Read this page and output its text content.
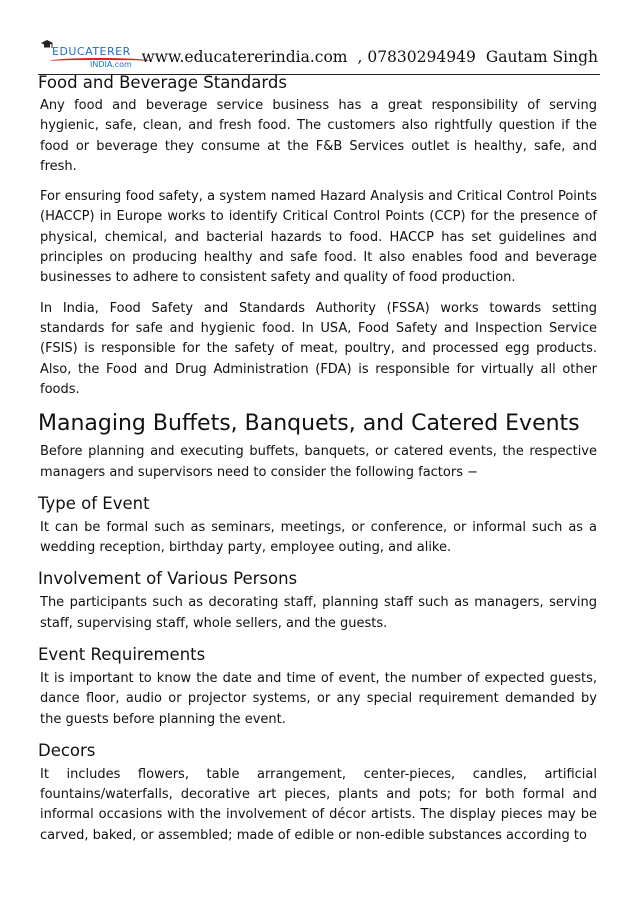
EDUCATERER
INDIA.com www.educatererindia.com , 07830294949 Gautam Singh
Food and Beverage Standards

Any food and beverage service business has a great responsibility of serving hygienic, safe, clean, and fresh food. The customers also rightfully question if the food or beverage they consume at the F&B Services outlet is healthy, safe, and fresh.

For ensuring food safety, a system named Hazard Analysis and Critical Control Points (HACCP) in Europe works to identify Critical Control Points (CCP) for the presence of physical, chemical, and bacterial hazards to food. HACCP has set guidelines and principles on producing healthy and safe food. It also enables food and beverage businesses to adhere to consistent safety and quality of food production.

In India, Food Safety and Standards Authority (FSSA) works towards setting standards for safe and hygienic food. In USA, Food Safety and Inspection Service (FSIS) is responsible for the safety of meat, poultry, and processed egg products. Also, the Food and Drug Administration (FDA) is responsible for virtually all other foods.

Managing Buffets, Banquets, and Catered Events

Before planning and executing buffets, banquets, or catered events, the respective managers and supervisors need to consider the following factors −

Type of Event

It can be formal such as seminars, meetings, or conference, or informal such as a wedding reception, birthday party, employee outing, and alike.

Involvement of Various Persons

The participants such as decorating staff, planning staff such as managers, serving staff, supervising staff, whole sellers, and the guests.

Event Requirements

It is important to know the date and time of event, the number of expected guests, dance floor, audio or projector systems, or any special requirement demanded by the guests before planning the event.

Decors

It includes flowers, table arrangement, center-pieces, candles, artificial fountains/waterfalls, decorative art pieces, plants and pots; for both formal and informal occasions with the involvement of décor artists. The display pieces may be carved, baked, or assembled; made of edible or non-edible substances according to
